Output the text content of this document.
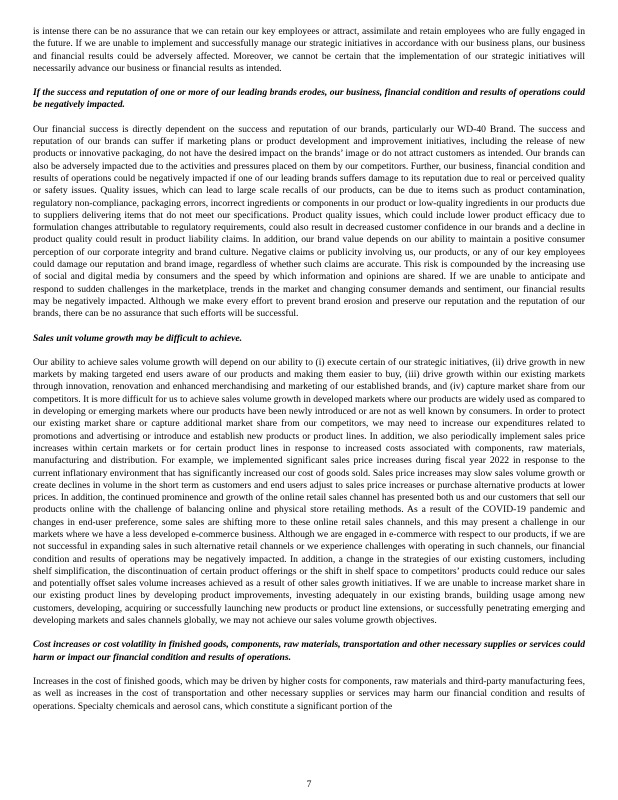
is intense there can be no assurance that we can retain our key employees or attract, assimilate and retain employees who are fully engaged in the future. If we are unable to implement and successfully manage our strategic initiatives in accordance with our business plans, our business and financial results could be adversely affected. Moreover, we cannot be certain that the implementation of our strategic initiatives will necessarily advance our business or financial results as intended.

If the success and reputation of one or more of our leading brands erodes, our business, financial condition and results of operations could be negatively impacted.

Our financial success is directly dependent on the success and reputation of our brands, particularly our WD-40 Brand. The success and reputation of our brands can suffer if marketing plans or product development and improvement initiatives, including the release of new products or innovative packaging, do not have the desired impact on the brands’ image or do not attract customers as intended. Our brands can also be adversely impacted due to the activities and pressures placed on them by our competitors. Further, our business, financial condition and results of operations could be negatively impacted if one of our leading brands suffers damage to its reputation due to real or perceived quality or safety issues. Quality issues, which can lead to large scale recalls of our products, can be due to items such as product contamination, regulatory non-compliance, packaging errors, incorrect ingredients or components in our product or low-quality ingredients in our products due to suppliers delivering items that do not meet our specifications. Product quality issues, which could include lower product efficacy due to formulation changes attributable to regulatory requirements, could also result in decreased customer confidence in our brands and a decline in product quality could result in product liability claims. In addition, our brand value depends on our ability to maintain a positive consumer perception of our corporate integrity and brand culture. Negative claims or publicity involving us, our products, or any of our key employees could damage our reputation and brand image, regardless of whether such claims are accurate. This risk is compounded by the increasing use of social and digital media by consumers and the speed by which information and opinions are shared. If we are unable to anticipate and respond to sudden challenges in the marketplace, trends in the market and changing consumer demands and sentiment, our financial results may be negatively impacted. Although we make every effort to prevent brand erosion and preserve our reputation and the reputation of our brands, there can be no assurance that such efforts will be successful.

Sales unit volume growth may be difficult to achieve.

Our ability to achieve sales volume growth will depend on our ability to (i) execute certain of our strategic initiatives, (ii) drive growth in new markets by making targeted end users aware of our products and making them easier to buy, (iii) drive growth within our existing markets through innovation, renovation and enhanced merchandising and marketing of our established brands, and (iv) capture market share from our competitors. It is more difficult for us to achieve sales volume growth in developed markets where our products are widely used as compared to in developing or emerging markets where our products have been newly introduced or are not as well known by consumers. In order to protect our existing market share or capture additional market share from our competitors, we may need to increase our expenditures related to promotions and advertising or introduce and establish new products or product lines. In addition, we also periodically implement sales price increases within certain markets or for certain product lines in response to increased costs associated with components, raw materials, manufacturing and distribution. For example, we implemented significant sales price increases during fiscal year 2022 in response to the current inflationary environment that has significantly increased our cost of goods sold. Sales price increases may slow sales volume growth or create declines in volume in the short term as customers and end users adjust to sales price increases or purchase alternative products at lower prices. In addition, the continued prominence and growth of the online retail sales channel has presented both us and our customers that sell our products online with the challenge of balancing online and physical store retailing methods. As a result of the COVID-19 pandemic and changes in end-user preference, some sales are shifting more to these online retail sales channels, and this may present a challenge in our markets where we have a less developed e-commerce business. Although we are engaged in e-commerce with respect to our products, if we are not successful in expanding sales in such alternative retail channels or we experience challenges with operating in such channels, our financial condition and results of operations may be negatively impacted. In addition, a change in the strategies of our existing customers, including shelf simplification, the discontinuation of certain product offerings or the shift in shelf space to competitors’ products could reduce our sales and potentially offset sales volume increases achieved as a result of other sales growth initiatives. If we are unable to increase market share in our existing product lines by developing product improvements, investing adequately in our existing brands, building usage among new customers, developing, acquiring or successfully launching new products or product line extensions, or successfully penetrating emerging and developing markets and sales channels globally, we may not achieve our sales volume growth objectives.

Cost increases or cost volatility in finished goods, components, raw materials, transportation and other necessary supplies or services could harm or impact our financial condition and results of operations.

Increases in the cost of finished goods, which may be driven by higher costs for components, raw materials and third-party manufacturing fees, as well as increases in the cost of transportation and other necessary supplies or services may harm our financial condition and results of operations. Specialty chemicals and aerosol cans, which constitute a significant portion of the

7
